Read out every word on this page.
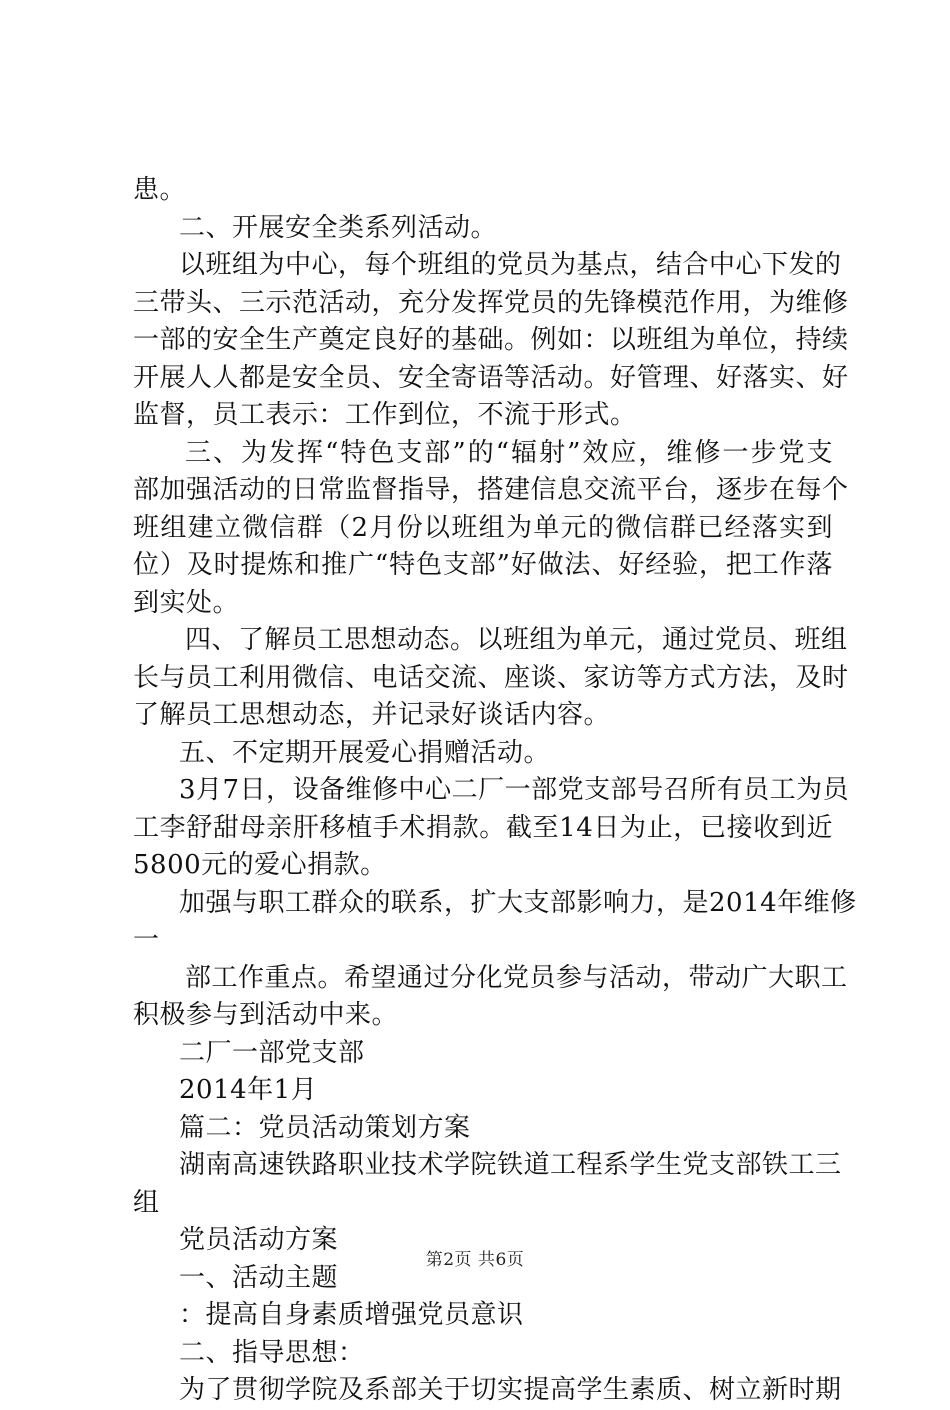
患。
二、开展安全类系列活动。
以班组为中心，每个班组的党员为基点，结合中心下发的
三带头、三示范活动，充分发挥党员的先锋模范作用，为维修
一部的安全生产奠定良好的基础。例如：以班组为单位，持续
开展人人都是安全员、安全寄语等活动。好管理、好落实、好
监督，员工表示：工作到位，不流于形式。
三、为发挥“特色支部”的“辐射”效应，维修一步党支
部加强活动的日常监督指导，搭建信息交流平台，逐步在每个
班组建立微信群（2月份以班组为单元的微信群已经落实到
位）及时提炼和推广“特色支部”好做法、好经验，把工作落
到实处。
四、了解员工思想动态。以班组为单元，通过党员、班组
长与员工利用微信、电话交流、座谈、家访等方式方法，及时
了解员工思想动态，并记录好谈话内容。
五、不定期开展爱心捐赠活动。
3月7日，设备维修中心二厂一部党支部号召所有员工为员
工李舒甜母亲肝移植手术捐款。截至14日为止，已接收到近
5800元的爱心捐款。
加强与职工群众的联系，扩大支部影响力，是2014年维修
一
部工作重点。希望通过分化党员参与活动，带动广大职工
积极参与到活动中来。
二厂一部党支部
2014年1月
篇二：党员活动策划方案
湖南高速铁路职业技术学院铁道工程系学生党支部铁工三
组
党员活动方案
一、活动主题
：提高自身素质增强党员意识
二、指导思想：
为了贯彻学院及系部关于切实提高学生素质、树立新时期
第2页 共6页
